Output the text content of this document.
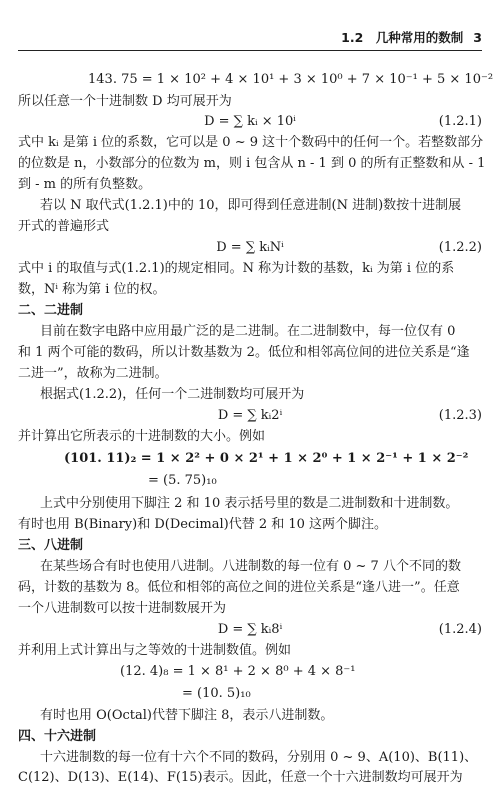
1.2　几种常用的数制 3
143. 75 = 1 × 10² + 4 × 10¹ + 3 × 10⁰ + 7 × 10⁻¹ + 5 × 10⁻²
所以任意一个十进制数 D 均可展开为
D = ∑ kᵢ × 10ⁱ	(1.2.1)
式中 kᵢ 是第 i 位的系数，它可以是 0 ~ 9 这十个数码中的任何一个。若整数部分
的位数是 n，小数部分的位数为 m，则 i 包含从 n - 1 到 0 的所有正整数和从 - 1
到 - m 的所有负整数。
若以 N 取代式(1.2.1)中的 10，即可得到任意进制(N 进制)数按十进制展
开式的普遍形式
D = ∑ kᵢNⁱ	(1.2.2)
式中 i 的取值与式(1.2.1)的规定相同。N 称为计数的基数，kᵢ 为第 i 位的系
数，Nⁱ 称为第 i 位的权。
二、二进制
目前在数字电路中应用最广泛的是二进制。在二进制数中，每一位仅有 0
和 1 两个可能的数码，所以计数基数为 2。低位和相邻高位间的进位关系是“逢
二进一”，故称为二进制。
根据式(1.2.2)，任何一个二进制数均可展开为
D = ∑ kᵢ2ⁱ	(1.2.3)
并计算出它所表示的十进制数的大小。例如
(101. 11)₂ = 1 × 2² + 0 × 2¹ + 1 × 2⁰ + 1 × 2⁻¹ + 1 × 2⁻²
= (5. 75)₁₀
上式中分别使用下脚注 2 和 10 表示括号里的数是二进制数和十进制数。
有时也用 B(Binary)和 D(Decimal)代替 2 和 10 这两个脚注。
三、八进制
在某些场合有时也使用八进制。八进制数的每一位有 0 ~ 7 八个不同的数
码，计数的基数为 8。低位和相邻的高位之间的进位关系是“逢八进一”。任意
一个八进制数可以按十进制数展开为
D = ∑ kᵢ8ⁱ	(1.2.4)
并利用上式计算出与之等效的十进制数值。例如
(12. 4)₈ = 1 × 8¹ + 2 × 8⁰ + 4 × 8⁻¹
= (10. 5)₁₀
有时也用 O(Octal)代替下脚注 8，表示八进制数。
四、十六进制
十六进制数的每一位有十六个不同的数码，分别用 0 ~ 9、A(10)、B(11)、
C(12)、D(13)、E(14)、F(15)表示。因此，任意一个十六进制数均可展开为
